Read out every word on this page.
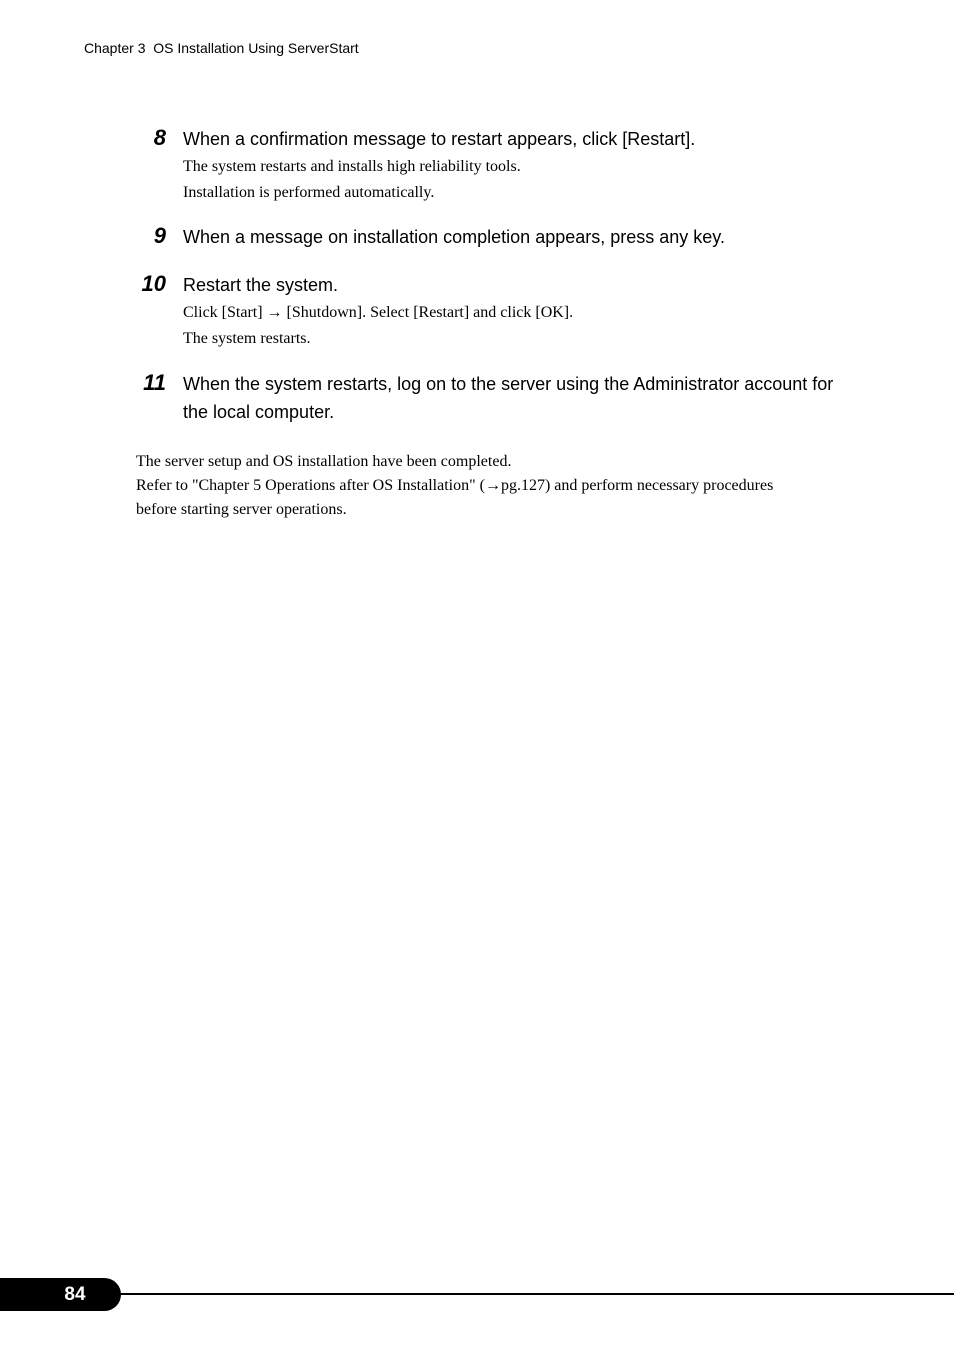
Chapter 3  OS Installation Using ServerStart
8 When a confirmation message to restart appears, click [Restart].
The system restarts and installs high reliability tools.
Installation is performed automatically.
9 When a message on installation completion appears, press any key.
10 Restart the system.
Click [Start] → [Shutdown]. Select [Restart] and click [OK].
The system restarts.
11 When the system restarts, log on to the server using the Administrator account for the local computer.

The server setup and OS installation have been completed.

Refer to "Chapter 5 Operations after OS Installation" (→pg.127) and perform necessary procedures before starting server operations.

84
